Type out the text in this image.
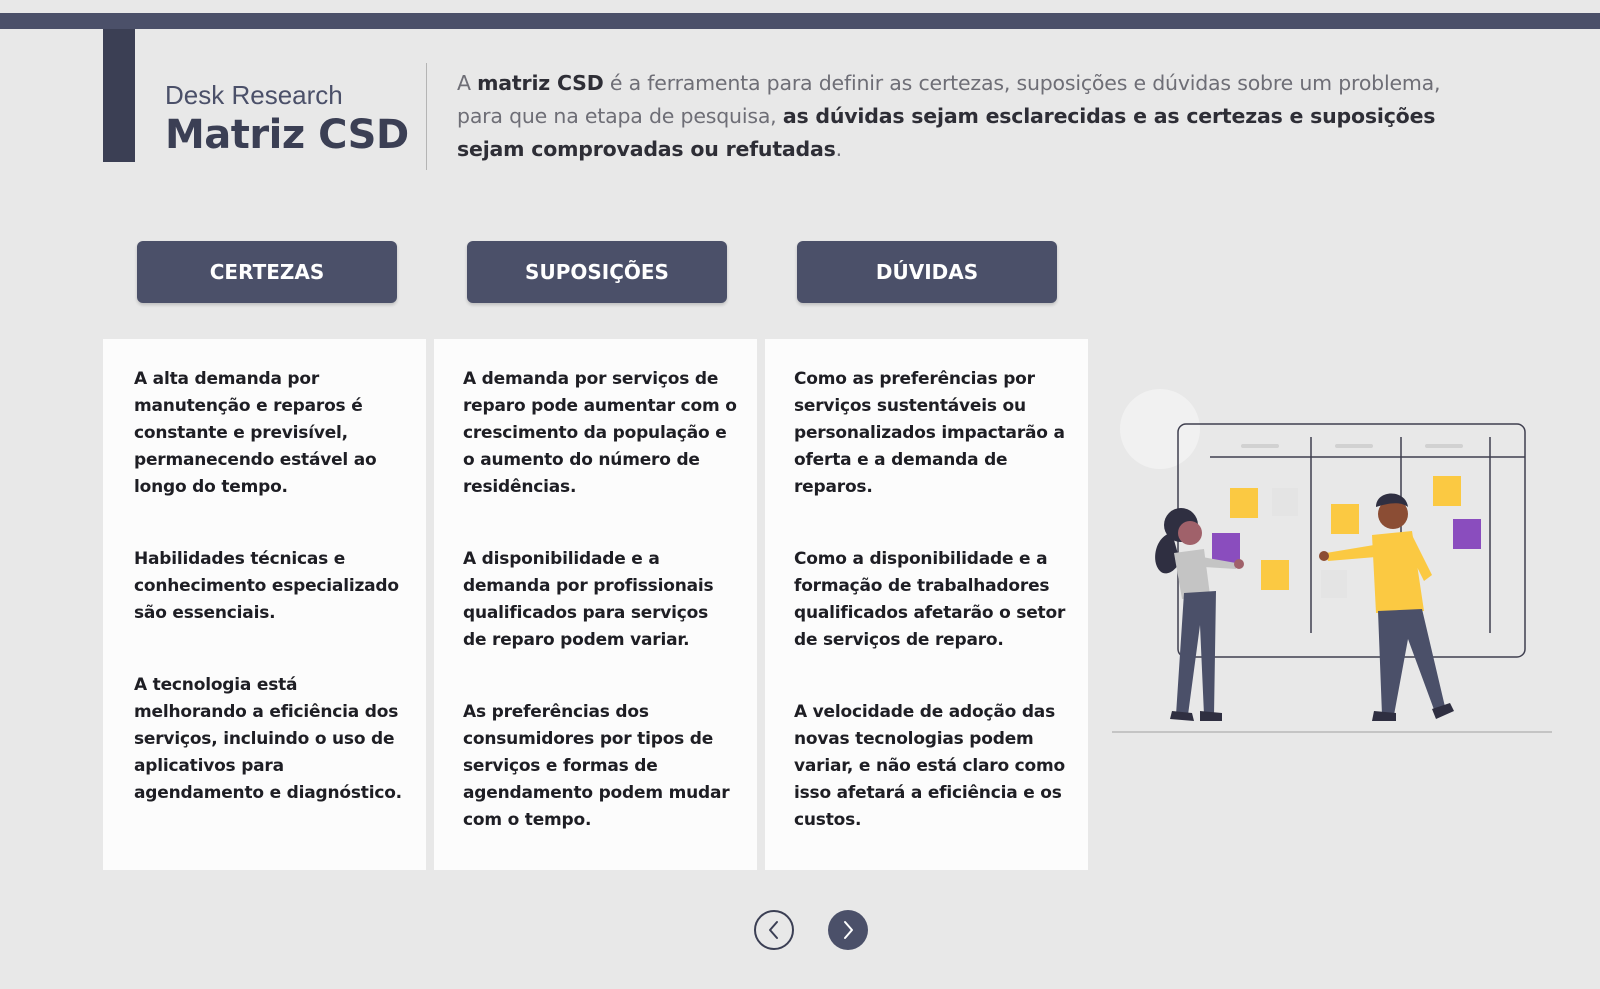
Desk Research
Matriz CSD
A matriz CSD é a ferramenta para definir as certezas, suposições e dúvidas sobre um problema, para que na etapa de pesquisa, as dúvidas sejam esclarecidas e as certezas e suposições sejam comprovadas ou refutadas.
CERTEZAS	SUPOSIÇÕES	DÚVIDAS

A alta demanda por manutenção e reparos é constante e previsível, permanecendo estável ao longo do tempo.

Habilidades técnicas e conhecimento especializado são essenciais.

A tecnologia está melhorando a eficiência dos serviços, incluindo o uso de aplicativos para agendamento e diagnóstico.

A demanda por serviços de reparo pode aumentar com o crescimento da população e o aumento do número de residências.

A disponibilidade e a demanda por profissionais qualificados para serviços de reparo podem variar.

As preferências dos consumidores por tipos de serviços e formas de agendamento podem mudar com o tempo.

Como as preferências por serviços sustentáveis ou personalizados impactarão a oferta e a demanda de reparos.

Como a disponibilidade e a formação de trabalhadores qualificados afetarão o setor de serviços de reparo.

A velocidade de adoção das novas tecnologias podem variar, e não está claro como isso afetará a eficiência e os custos.
